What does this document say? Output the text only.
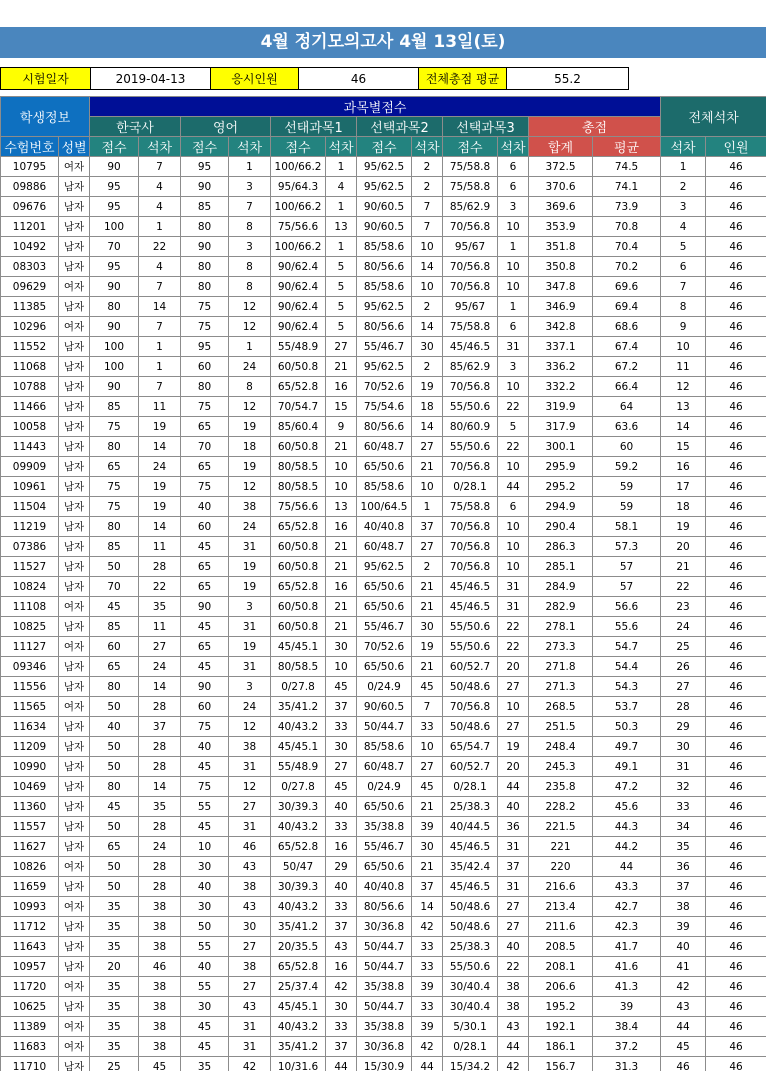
4월 정기모의고사 4월 13일(토)
시험일자	2019-04-13	응시인원	46	전체총점 평균	55.2
학생정보		과목별점수												전체석차	
		한국사		영어		선태과목1		선택과목2		선택과목3		총점			
수험번호	성별	점수	석차	점수	석차	점수	석차	점수	석차	점수	석차	합계	평균	석차	인원
10795	여자	90	7	95	1	100/66.2	1	95/62.5	2	75/58.8	6	372.5	74.5	1	46
09886	남자	95	4	90	3	95/64.3	4	95/62.5	2	75/58.8	6	370.6	74.1	2	46
09676	남자	95	4	85	7	100/66.2	1	90/60.5	7	85/62.9	3	369.6	73.9	3	46
11201	남자	100	1	80	8	75/56.6	13	90/60.5	7	70/56.8	10	353.9	70.8	4	46
10492	남자	70	22	90	3	100/66.2	1	85/58.6	10	95/67	1	351.8	70.4	5	46
08303	남자	95	4	80	8	90/62.4	5	80/56.6	14	70/56.8	10	350.8	70.2	6	46
09629	여자	90	7	80	8	90/62.4	5	85/58.6	10	70/56.8	10	347.8	69.6	7	46
11385	남자	80	14	75	12	90/62.4	5	95/62.5	2	95/67	1	346.9	69.4	8	46
10296	여자	90	7	75	12	90/62.4	5	80/56.6	14	75/58.8	6	342.8	68.6	9	46
11552	남자	100	1	95	1	55/48.9	27	55/46.7	30	45/46.5	31	337.1	67.4	10	46
11068	남자	100	1	60	24	60/50.8	21	95/62.5	2	85/62.9	3	336.2	67.2	11	46
10788	남자	90	7	80	8	65/52.8	16	70/52.6	19	70/56.8	10	332.2	66.4	12	46
11466	남자	85	11	75	12	70/54.7	15	75/54.6	18	55/50.6	22	319.9	64	13	46
10058	남자	75	19	65	19	85/60.4	9	80/56.6	14	80/60.9	5	317.9	63.6	14	46
11443	남자	80	14	70	18	60/50.8	21	60/48.7	27	55/50.6	22	300.1	60	15	46
09909	남자	65	24	65	19	80/58.5	10	65/50.6	21	70/56.8	10	295.9	59.2	16	46
10961	남자	75	19	75	12	80/58.5	10	85/58.6	10	0/28.1	44	295.2	59	17	46
11504	남자	75	19	40	38	75/56.6	13	100/64.5	1	75/58.8	6	294.9	59	18	46
11219	남자	80	14	60	24	65/52.8	16	40/40.8	37	70/56.8	10	290.4	58.1	19	46
07386	남자	85	11	45	31	60/50.8	21	60/48.7	27	70/56.8	10	286.3	57.3	20	46
11527	남자	50	28	65	19	60/50.8	21	95/62.5	2	70/56.8	10	285.1	57	21	46
10824	남자	70	22	65	19	65/52.8	16	65/50.6	21	45/46.5	31	284.9	57	22	46
11108	여자	45	35	90	3	60/50.8	21	65/50.6	21	45/46.5	31	282.9	56.6	23	46
10825	남자	85	11	45	31	60/50.8	21	55/46.7	30	55/50.6	22	278.1	55.6	24	46
11127	여자	60	27	65	19	45/45.1	30	70/52.6	19	55/50.6	22	273.3	54.7	25	46
09346	남자	65	24	45	31	80/58.5	10	65/50.6	21	60/52.7	20	271.8	54.4	26	46
11556	남자	80	14	90	3	0/27.8	45	0/24.9	45	50/48.6	27	271.3	54.3	27	46
11565	여자	50	28	60	24	35/41.2	37	90/60.5	7	70/56.8	10	268.5	53.7	28	46
11634	남자	40	37	75	12	40/43.2	33	50/44.7	33	50/48.6	27	251.5	50.3	29	46
11209	남자	50	28	40	38	45/45.1	30	85/58.6	10	65/54.7	19	248.4	49.7	30	46
10990	남자	50	28	45	31	55/48.9	27	60/48.7	27	60/52.7	20	245.3	49.1	31	46
10469	남자	80	14	75	12	0/27.8	45	0/24.9	45	0/28.1	44	235.8	47.2	32	46
11360	남자	45	35	55	27	30/39.3	40	65/50.6	21	25/38.3	40	228.2	45.6	33	46
11557	남자	50	28	45	31	40/43.2	33	35/38.8	39	40/44.5	36	221.5	44.3	34	46
11627	남자	65	24	10	46	65/52.8	16	55/46.7	30	45/46.5	31	221	44.2	35	46
10826	여자	50	28	30	43	50/47	29	65/50.6	21	35/42.4	37	220	44	36	46
11659	남자	50	28	40	38	30/39.3	40	40/40.8	37	45/46.5	31	216.6	43.3	37	46
10993	여자	35	38	30	43	40/43.2	33	80/56.6	14	50/48.6	27	213.4	42.7	38	46
11712	남자	35	38	50	30	35/41.2	37	30/36.8	42	50/48.6	27	211.6	42.3	39	46
11643	남자	35	38	55	27	20/35.5	43	50/44.7	33	25/38.3	40	208.5	41.7	40	46
10957	남자	20	46	40	38	65/52.8	16	50/44.7	33	55/50.6	22	208.1	41.6	41	46
11720	여자	35	38	55	27	25/37.4	42	35/38.8	39	30/40.4	38	206.6	41.3	42	46
10625	남자	35	38	30	43	45/45.1	30	50/44.7	33	30/40.4	38	195.2	39	43	46
11389	여자	35	38	45	31	40/43.2	33	35/38.8	39	5/30.1	43	192.1	38.4	44	46
11683	여자	35	38	45	31	35/41.2	37	30/36.8	42	0/28.1	44	186.1	37.2	45	46
11710	남자	25	45	35	42	10/31.6	44	15/30.9	44	15/34.2	42	156.7	31.3	46	46
